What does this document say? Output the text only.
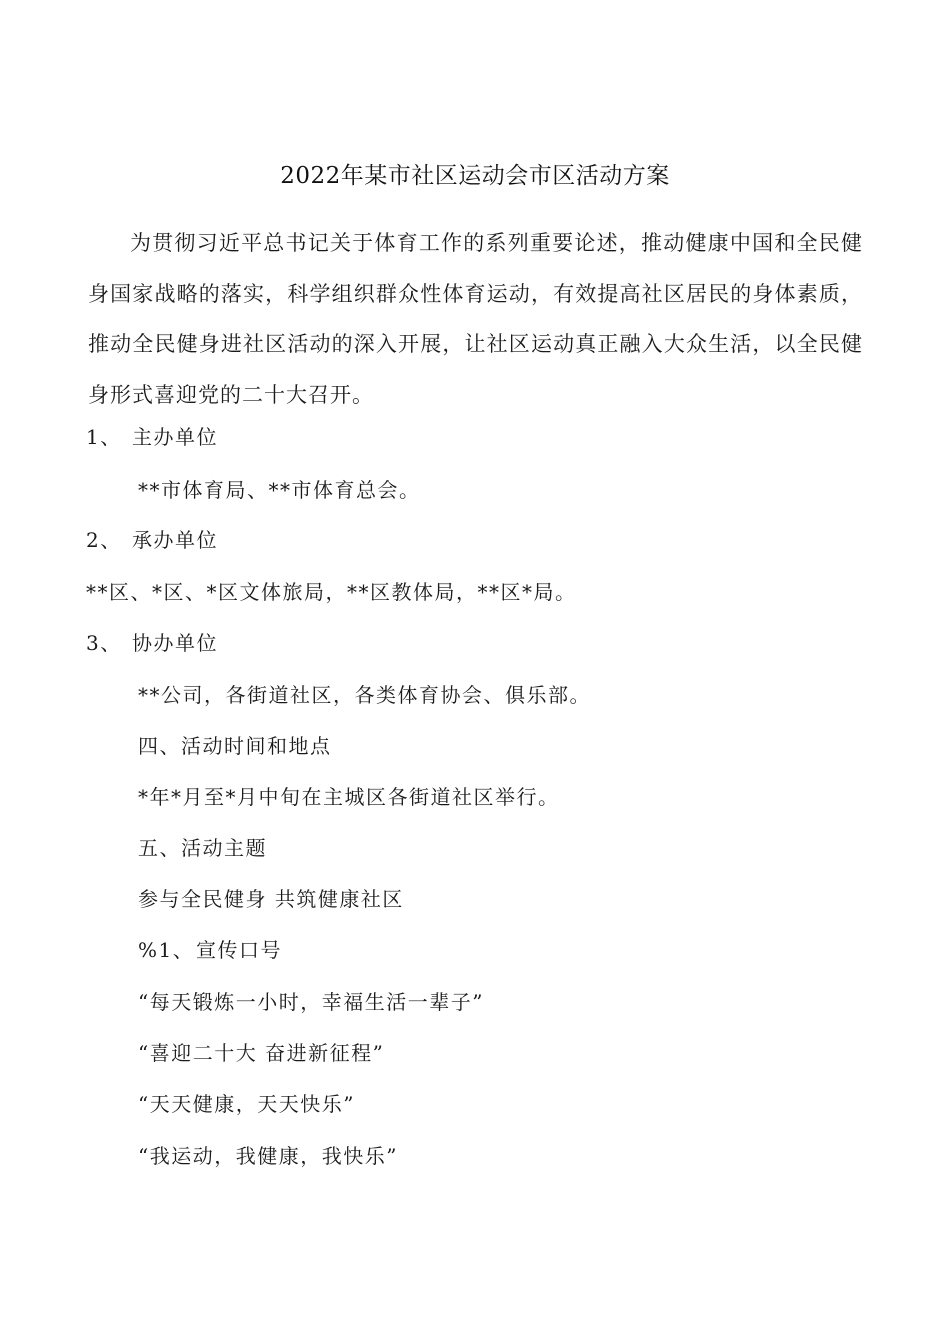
2022年某市社区运动会市区活动方案

为贯彻习近平总书记关于体育工作的系列重要论述，推动健康中国和全民健身国家战略的落实，科学组织群众性体育运动，有效提高社区居民的身体素质，推动全民健身进社区活动的深入开展，让社区运动真正融入大众生活，以全民健身形式喜迎党的二十大召开。

1、 主办单位
**市体育局、**市体育总会。
2、 承办单位
**区、*区、*区文体旅局，**区教体局，**区*局。
3、 协办单位
**公司，各街道社区，各类体育协会、俱乐部。
四、活动时间和地点
*年*月至*月中旬在主城区各街道社区举行。
五、活动主题
参与全民健身 共筑健康社区
%1、宣传口号
“每天锻炼一小时，幸福生活一辈子”
“喜迎二十大 奋进新征程”
“天天健康，天天快乐”
“我运动，我健康，我快乐”
